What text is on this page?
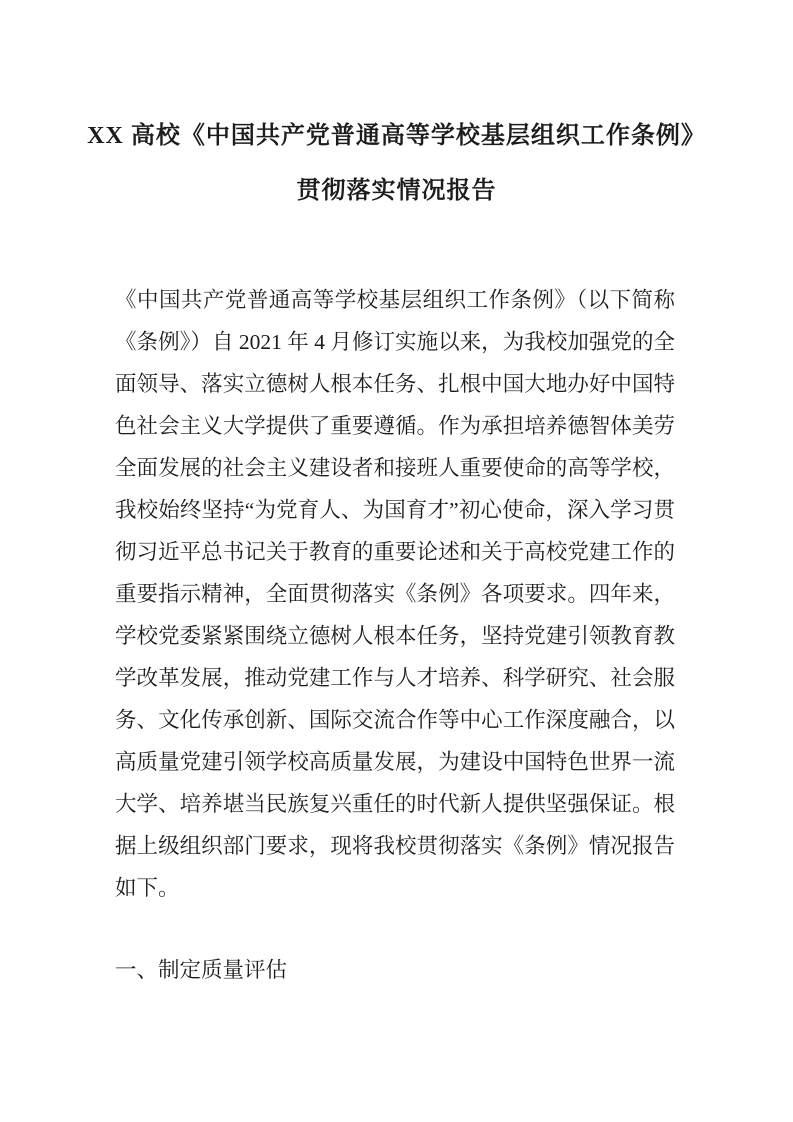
XX 高校《中国共产党普通高等学校基层组织工作条例》
贯彻落实情况报告

《中国共产党普通高等学校基层组织工作条例》（以下简称《条例》）自 2021 年 4 月修订实施以来，为我校加强党的全面领导、落实立德树人根本任务、扎根中国大地办好中国特色社会主义大学提供了重要遵循。作为承担培养德智体美劳全面发展的社会主义建设者和接班人重要使命的高等学校，我校始终坚持“为党育人、为国育才”初心使命，深入学习贯彻习近平总书记关于教育的重要论述和关于高校党建工作的重要指示精神，全面贯彻落实《条例》各项要求。四年来，学校党委紧紧围绕立德树人根本任务，坚持党建引领教育教学改革发展，推动党建工作与人才培养、科学研究、社会服务、文化传承创新、国际交流合作等中心工作深度融合，以高质量党建引领学校高质量发展，为建设中国特色世界一流大学、培养堪当民族复兴重任的时代新人提供坚强保证。根据上级组织部门要求，现将我校贯彻落实《条例》情况报告如下。

一、制定质量评估
